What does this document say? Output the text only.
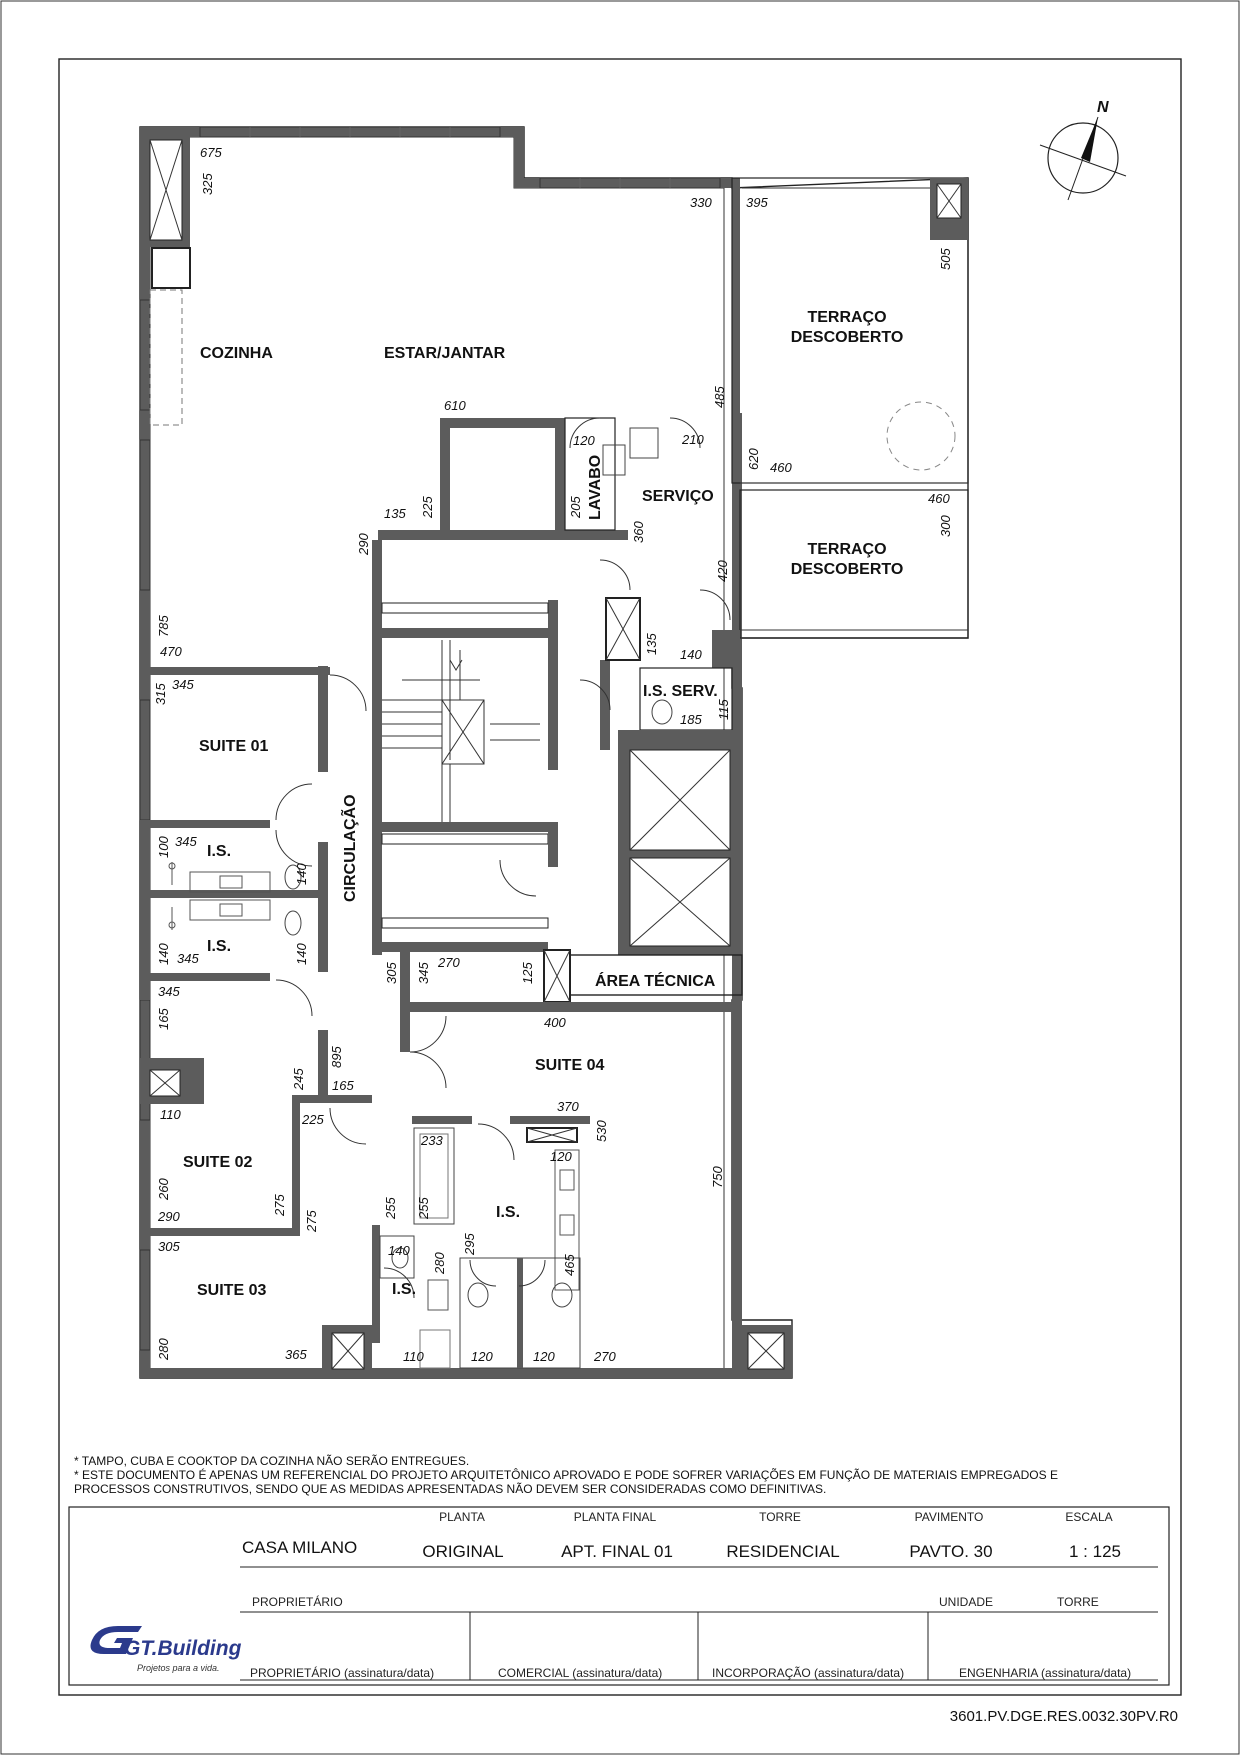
COZINHA	ESTAR/JANTAR
TERRAÇO
DESCOBERTO
TERRAÇO
DESCOBERTO
SERVIÇO
LAVABO
I.S. SERV.
SUITE 01
I.S.
I.S.
CIRCULAÇÃO
ÁREA TÉCNICA
SUITE 02
SUITE 03
SUITE 04
I.S.
I.S.
675
325
330	395
505
610
120	210
485
620 460
460
300
225
135
290
205
360
420
785
470	135 140
185 115
315 345
100 345
140
140 345	140
345
165
305 345 270	125
400
245
895
165
110	225
370
530
233
120
750
260
290
275
275
255 255
305	140
280
295
465
280	365	110	120	120	270
N
* TAMPO, CUBA E COOKTOP DA COZINHA NÃO SERÃO ENTREGUES.
* ESTE DOCUMENTO É APENAS UM REFERENCIAL DO PROJETO ARQUITETÔNICO APROVADO E PODE SOFRER VARIAÇÕES EM FUNÇÃO DE MATERIAIS EMPREGADOS E
PROCESSOS CONSTRUTIVOS, SENDO QUE AS MEDIDAS APRESENTADAS NÃO DEVEM SER CONSIDERADAS COMO DEFINITIVAS.
CASA MILANO
PLANTA	PLANTA FINAL	TORRE	PAVIMENTO	ESCALA
ORIGINAL	APT. FINAL 01	RESIDENCIAL	PAVTO. 30	1 : 125
PROPRIETÁRIO	UNIDADE	TORRE
PROPRIETÁRIO (assinatura/data)	COMERCIAL (assinatura/data)	INCORPORAÇÃO (assinatura/data)	ENGENHARIA (assinatura/data)
GT.Building
Projetos para a vida.
3601.PV.DGE.RES.0032.30PV.R0
